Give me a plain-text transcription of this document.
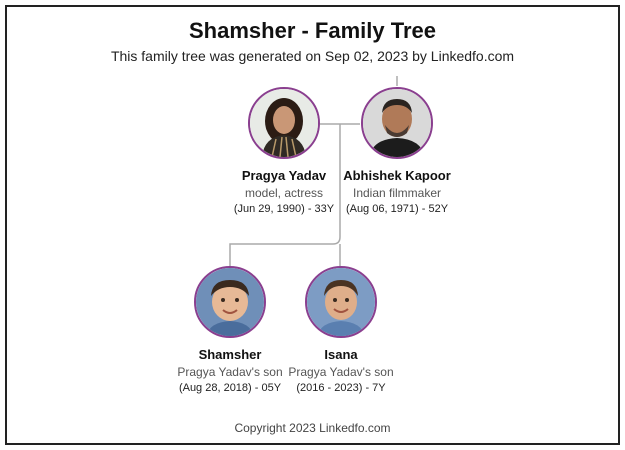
Shamsher - Family Tree
This family tree was generated on Sep 02, 2023 by Linkedfo.com
Pragya Yadav
model, actress
(Jun 29, 1990) - 33Y
Abhishek Kapoor
Indian filmmaker
(Aug 06, 1971) - 52Y
Shamsher
Pragya Yadav's son
(Aug 28, 2018) - 05Y
Isana
Pragya Yadav's son
(2016 - 2023) - 7Y
Copyright 2023 Linkedfo.com
